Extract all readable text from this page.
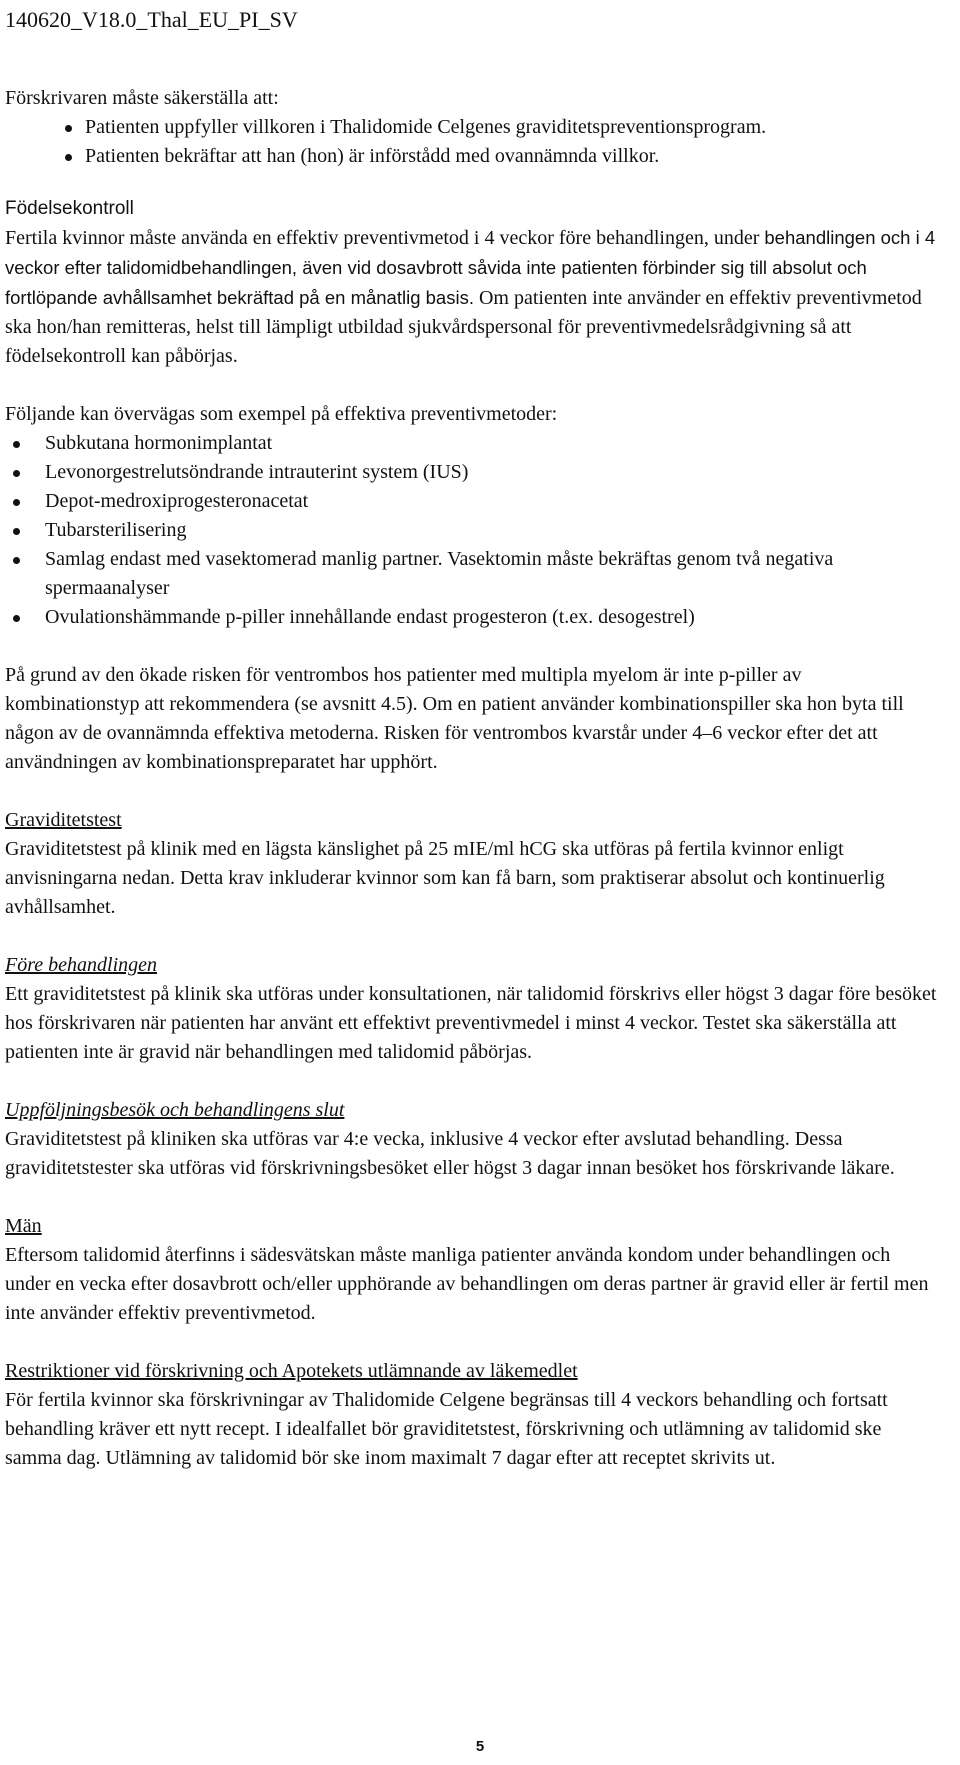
140620_V18.0_Thal_EU_PI_SV

Förskrivaren måste säkerställa att:

Patienten uppfyller villkoren i Thalidomide Celgenes graviditetspreventionsprogram.
Patienten bekräftar att han (hon) är införstådd med ovannämnda villkor.

Födelsekontroll

Fertila kvinnor måste använda en effektiv preventivmetod i 4 veckor före behandlingen, under behandlingen och i 4 veckor efter talidomidbehandlingen, även vid dosavbrott såvida inte patienten förbinder sig till absolut och fortlöpande avhållsamhet bekräftad på en månatlig basis. Om patienten inte använder en effektiv preventivmetod ska hon/han remitteras, helst till lämpligt utbildad sjukvårdspersonal för preventivmedelsrådgivning så att födelsekontroll kan påbörjas.

Följande kan övervägas som exempel på effektiva preventivmetoder:

Subkutana hormonimplantat
Levonorgestrelutsöndrande intrauterint system (IUS)
Depot-medroxiprogesteronacetat
Tubarsterilisering
Samlag endast med vasektomerad manlig partner. Vasektomin måste bekräftas genom två negativa spermaanalyser
Ovulationshämmande p-piller innehållande endast progesteron (t.ex. desogestrel)

På grund av den ökade risken för ventrombos hos patienter med multipla myelom är inte p-piller av kombinationstyp att rekommendera (se avsnitt 4.5). Om en patient använder kombinationspiller ska hon byta till någon av de ovannämnda effektiva metoderna. Risken för ventrombos kvarstår under 4–6 veckor efter det att användningen av kombinationspreparatet har upphört.

Graviditetstest

Graviditetstest på klinik med en lägsta känslighet på 25 mIE/ml hCG ska utföras på fertila kvinnor enligt anvisningarna nedan. Detta krav inkluderar kvinnor som kan få barn, som praktiserar absolut och kontinuerlig avhållsamhet.

Före behandlingen

Ett graviditetstest på klinik ska utföras under konsultationen, när talidomid förskrivs eller högst 3 dagar före besöket hos förskrivaren när patienten har använt ett effektivt preventivmedel i minst 4 veckor. Testet ska säkerställa att patienten inte är gravid när behandlingen med talidomid påbörjas.

Uppföljningsbesök och behandlingens slut

Graviditetstest på kliniken ska utföras var 4:e vecka, inklusive 4 veckor efter avslutad behandling. Dessa graviditetstester ska utföras vid förskrivningsbesöket eller högst 3 dagar innan besöket hos förskrivande läkare.

Män

Eftersom talidomid återfinns i sädesvätskan måste manliga patienter använda kondom under behandlingen och under en vecka efter dosavbrott och/eller upphörande av behandlingen om deras partner är gravid eller är fertil men inte använder effektiv preventivmetod.

Restriktioner vid förskrivning och Apotekets utlämnande av läkemedlet

För fertila kvinnor ska förskrivningar av Thalidomide Celgene begränsas till 4 veckors behandling och fortsatt behandling kräver ett nytt recept. I idealfallet bör graviditetstest, förskrivning och utlämning av talidomid ske samma dag. Utlämning av talidomid bör ske inom maximalt 7 dagar efter att receptet skrivits ut.

5
